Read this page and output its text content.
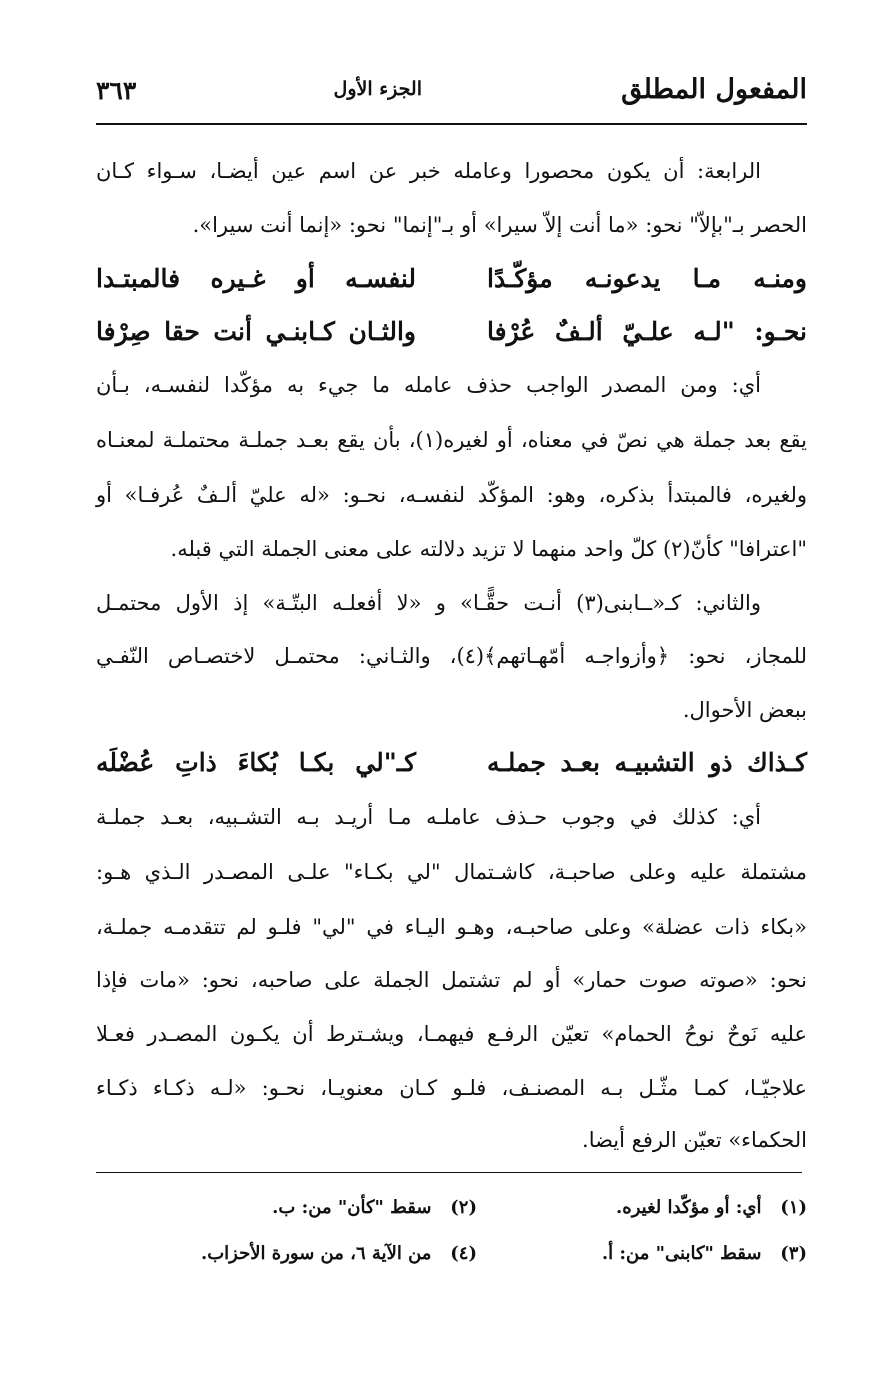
المفعول المطلق
الجزء الأول
٣٦٣
الرابعة: أن يكون محصورا وعامله خبر عن اسم عين أيضـا، سـواء كـان
الحصر بـ"بإلاّ" نحو: «ما أنت إلاّ سيرا» أو بـ"إنما" نحو: «إنما أنت سيرا».
ومنـه مـا يدعونـه مؤكّـدًا
لنفسـه أو غـيره فالمبتـدا
نحـو: "لـه علـيّ ألـفٌ عُرْفا
والثـان كـابنـي أنت حقا صِرْفا
أي: ومن المصدر الواجب حذف عامله ما جيء به مؤكّدا لنفسـه، بـأن
يقع بعد جملة هي نصّ في معناه، أو لغيره(١)، بأن يقع بعـد جملـة محتملـة لمعنـاه
ولغيره، فالمبتدأ بذكره، وهو: المؤكّد لنفسـه، نحـو: «له عليّ ألـفٌ عُرفـا» أو
"اعترافا" كأنّ(٢) كلّ واحد منهما لا تزيد دلالته على معنى الجملة التي قبله.
والثاني: كـ«ــابنى(٣) أنـت حقًّـا» و «لا أفعلـه البتّـة» إذ الأول محتمـل
للمجاز، نحو: ﴿وأزواجـه أمّهـاتهم﴾(٤)، والثـاني: محتمـل لاختصـاص النّفـي
ببعض الأحوال.
كـذاك ذو التشبيـه بعـد جملـه
كـ"لي بكـا بُكاءَ ذاتِ عُضْلَه
أي: كذلك في وجوب حـذف عاملـه مـا أريـد بـه التشـبيه، بعـد جملـة
مشتملة عليه وعلى صاحبـة، كاشـتمال "لي بكـاء" علـى المصـدر الـذي هـو:
«بكاء ذات عضلة» وعلى صاحبـه، وهـو اليـاء في "لي" فلـو لم تتقدمـه جملـة،
نحو: «صوته صوت حمار» أو لم تشتمل الجملة على صاحبه، نحو: «مات فإذا
عليه نَوحٌ نوحُ الحمام» تعيّن الرفـع فيهمـا، ويشـترط أن يكـون المصـدر فعـلا
علاجيّـا، كمـا مثّـل بـه المصنـف، فلـو كـان معنويـا، نحـو: «لـه ذكـاء ذكـاء
الحكماء» تعيّن الرفع أيضا.
(١)   أي: أو مؤكّدا لغيره.
(٢)   سقط "كأن" من: ب.
(٣)   سقط "كابنى" من: أ.
(٤)   من الآية ٦، من سورة الأحزاب.
